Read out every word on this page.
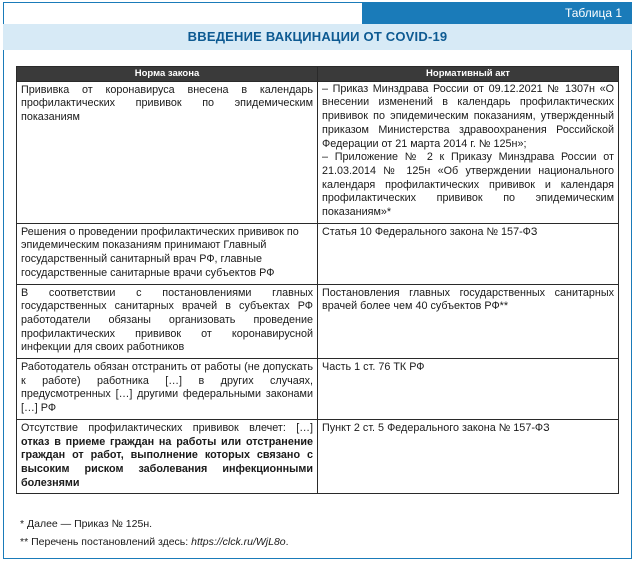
Таблица 1
ВВЕДЕНИЕ ВАКЦИНАЦИИ ОТ COVID-19
Норма закона	Нормативный акт
Прививка от коронавируса внесена в календарь профилактических прививок по эпидемическим показаниям	– Приказ Минздрава России от 09.12.2021 № 1307н «О внесении изменений в календарь профилактических прививок по эпидемическим показаниям, утвержденный приказом Министерства здравоохранения Российской Федерации от 21 марта 2014 г. № 125н»;
– Приложение № 2 к Приказу Минздрава России от 21.03.2014 № 125н «Об утверждении национального календаря профилактических прививок и календаря профилактических прививок по эпидемическим показаниям»*

Решения о проведении профилактических прививок по эпидемическим показаниям принимают Главный государственный санитарный врач РФ, главные государственные санитарные врачи субъектов РФ	Статья 10 Федерального закона № 157-ФЗ
В соответствии с постановлениями главных государственных санитарных врачей в субъектах РФ работодатели обязаны организовать проведение профилактических прививок от коронавирусной инфекции для своих работников	Постановления главных государственных санитарных врачей более чем 40 субъектов РФ**
Работодатель обязан отстранить от работы (не допускать к работе) работника […] в других случаях, предусмотренных […] другими федеральными законами […] РФ	Часть 1 ст. 76 ТК РФ
Отсутствие профилактических прививок влечет: […] отказ в приеме граждан на работы или отстранение граждан от работ, выполнение которых связано с высоким риском заболевания инфекционными болезнями	Пункт 2 ст. 5 Федерального закона № 157-ФЗ
* Далее — Приказ № 125н.
** Перечень постановлений здесь: https://clck.ru/WjL8o.
